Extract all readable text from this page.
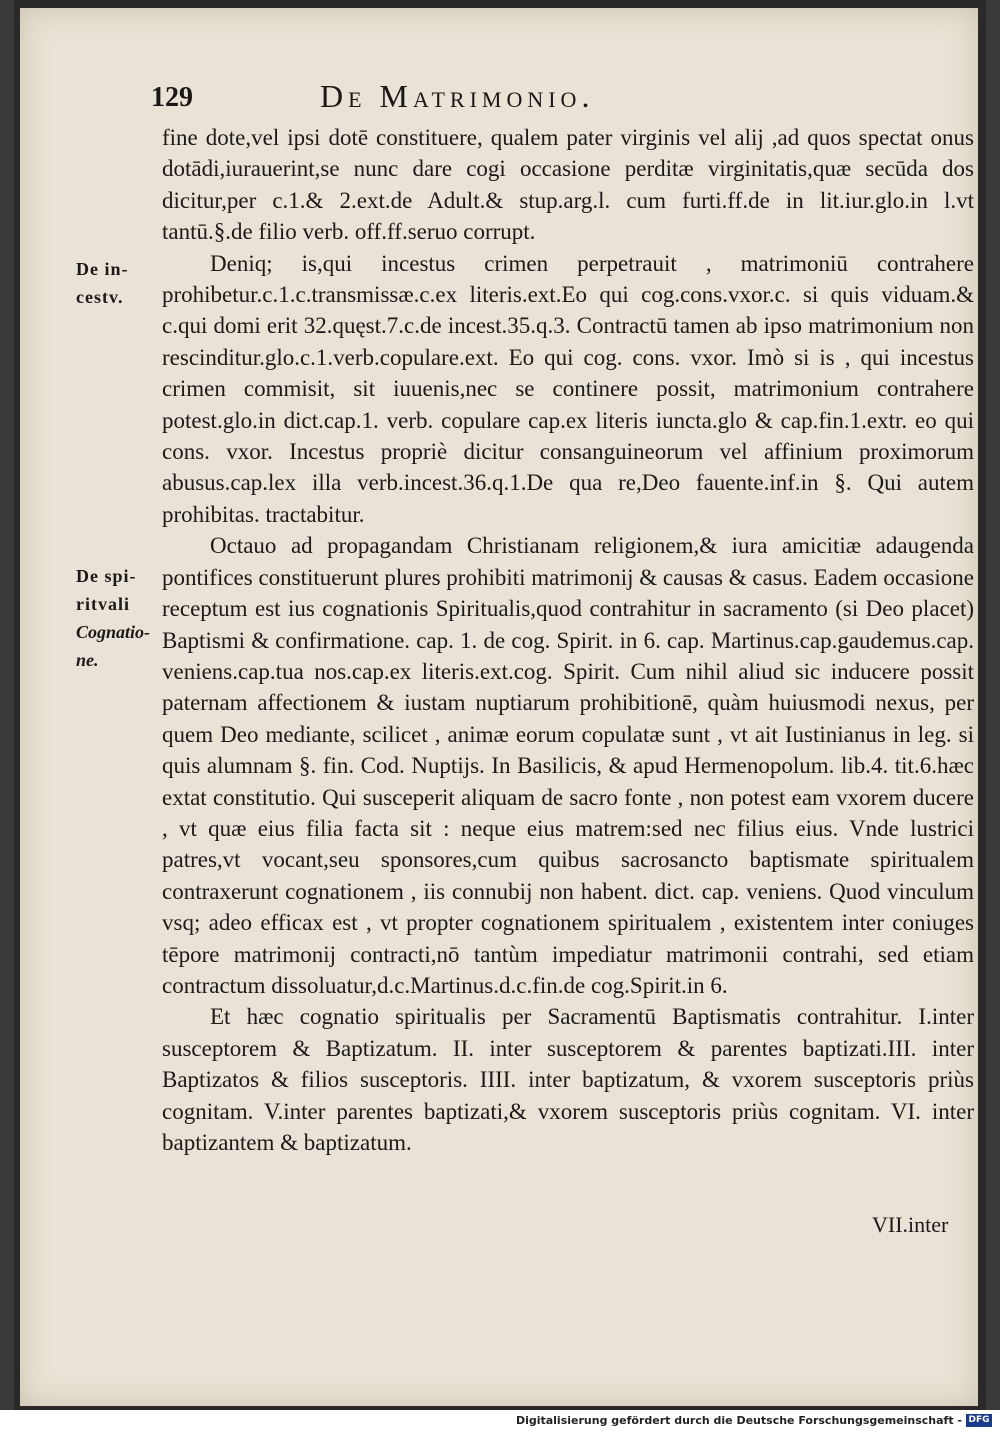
129	De Matrimonio.
De in-
cestv.
De spi-
ritvali
Cognatio-
ne.

fine dote,vel ipsi dotē constituere, qualem pater virginis vel alij ,ad quos spectat onus dotādi,iurauerint,se nunc dare cogi occasione perditæ virginitatis,quæ secūda dos dicitur,per c.1.& 2.ext.de Adult.& stup.arg.l. cum furti.ff.de in lit.iur.glo.in l.vt tantū.§.de filio verb. off.ff.seruo corrupt.

Deniq; is,qui incestus crimen perpetrauit , matrimoniū contrahere prohibetur.c.1.c.transmissæ.c.ex literis.ext.Eo qui cog.cons.vxor.c. si quis viduam.& c.qui domi erit 32.quęst.7.c.de incest.35.q.3. Contractū tamen ab ipso matrimonium non rescinditur.glo.c.1.verb.copulare.ext. Eo qui cog. cons. vxor. Imò si is , qui incestus crimen commisit, sit iuuenis,nec se continere possit, matrimonium contrahere potest.glo.in dict.cap.1. verb. copulare cap.ex literis iuncta.glo & cap.fin.1.extr. eo qui cons. vxor. Incestus propriè dicitur consanguineorum vel affinium proximorum abusus.cap.lex illa verb.incest.36.q.1.De qua re,Deo fauente.inf.in §. Qui autem prohibitas. tractabitur.

Octauo ad propagandam Christianam religionem,& iura amicitiæ adaugenda pontifices constituerunt plures prohibiti matrimonij & causas & casus. Eadem occasione receptum est ius cognationis Spiritualis,quod contrahitur in sacramento (si Deo placet) Baptismi & confirmatione. cap. 1. de cog. Spirit. in 6. cap. Martinus.cap.gaudemus.cap. veniens.cap.tua nos.cap.ex literis.ext.cog. Spirit. Cum nihil aliud sic inducere possit paternam affectionem & iustam nuptiarum prohibitionē, quàm huiusmodi nexus, per quem Deo mediante, scilicet , animæ eorum copulatæ sunt , vt ait Iustinianus in leg. si quis alumnam §. fin. Cod. Nuptijs. In Basilicis, & apud Hermenopolum. lib.4. tit.6.hæc extat constitutio. Qui susceperit aliquam de sacro fonte , non potest eam vxorem ducere , vt quæ eius filia facta sit : neque eius matrem:sed nec filius eius. Vnde lustrici patres,vt vocant,seu sponsores,cum quibus sacrosancto baptismate spiritualem contraxerunt cognationem , iis connubij non habent. dict. cap. veniens. Quod vinculum vsq; adeo efficax est , vt propter cognationem spiritualem , existentem inter coniuges tēpore matrimonij contracti,nō tantùm impediatur matrimonii contrahi, sed etiam contractum dissoluatur,d.c.Martinus.d.c.fin.de cog.Spirit.in 6.

Et hæc cognatio spiritualis per Sacramentū Baptismatis contrahitur. I.inter susceptorem & Baptizatum. II. inter susceptorem & parentes baptizati.III. inter Baptizatos & filios susceptoris. IIII. inter baptizatum, & vxorem susceptoris priùs cognitam. V.inter parentes baptizati,& vxorem susceptoris priùs cognitam. VI. inter baptizantem & baptizatum.

VII.inter
Digitalisierung gefördert durch die Deutsche Forschungsgemeinschaft - DFG
